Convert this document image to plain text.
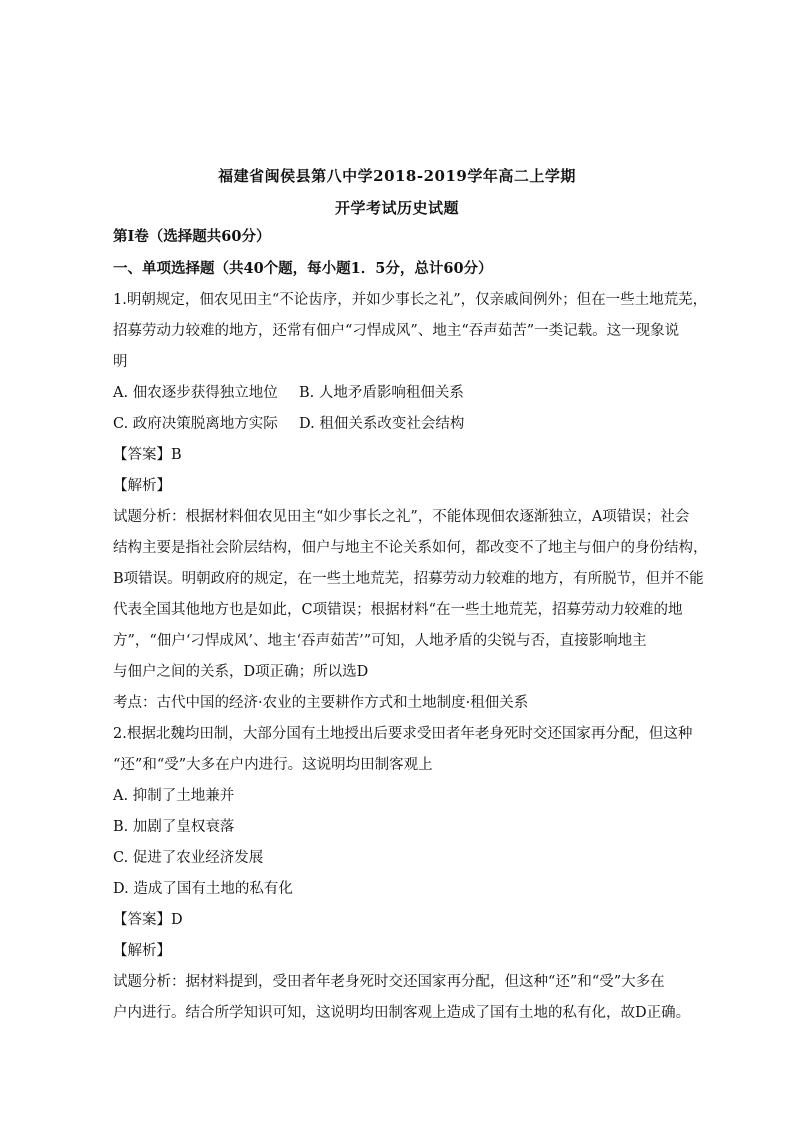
福建省闽侯县第八中学2018-2019学年高二上学期
开学考试历史试题
第Ⅰ卷（选择题共60分）
一、单项选择题（共40个题，每小题1．5分，总计60分）
1.明朝规定，佃农见田主“不论齿序，并如少事长之礼”，仅亲戚间例外；但在一些土地荒芜，
招募劳动力较难的地方，还常有佃户“刁悍成风”、地主“吞声茹苦”一类记载。这一现象说
明
A. 佃农逐步获得独立地位 B. 人地矛盾影响租佃关系
C. 政府决策脱离地方实际 D. 租佃关系改变社会结构
【答案】B
【解析】
试题分析：根据材料佃农见田主“如少事长之礼”，不能体现佃农逐渐独立，A项错误；社会
结构主要是指社会阶层结构，佃户与地主不论关系如何，都改变不了地主与佃户的身份结构，
B项错误。明朝政府的规定，在一些土地荒芜，招募劳动力较难的地方，有所脱节，但并不能
代表全国其他地方也是如此，C项错误；根据材料“在一些土地荒芜，招募劳动力较难的地
方”，“佃户‘刁悍成风’、地主‘吞声茹苦’”可知，人地矛盾的尖锐与否，直接影响地主
与佃户之间的关系，D项正确；所以选D
考点：古代中国的经济·农业的主要耕作方式和土地制度·租佃关系
2.根据北魏均田制，大部分国有土地授出后要求受田者年老身死时交还国家再分配，但这种
“还”和“受”大多在户内进行。这说明均田制客观上
A. 抑制了土地兼并
B. 加剧了皇权衰落
C. 促进了农业经济发展
D. 造成了国有土地的私有化
【答案】D
【解析】
试题分析：据材料提到，受田者年老身死时交还国家再分配，但这种“还”和“受”大多在
户内进行。结合所学知识可知，这说明均田制客观上造成了国有土地的私有化，故D正确。
